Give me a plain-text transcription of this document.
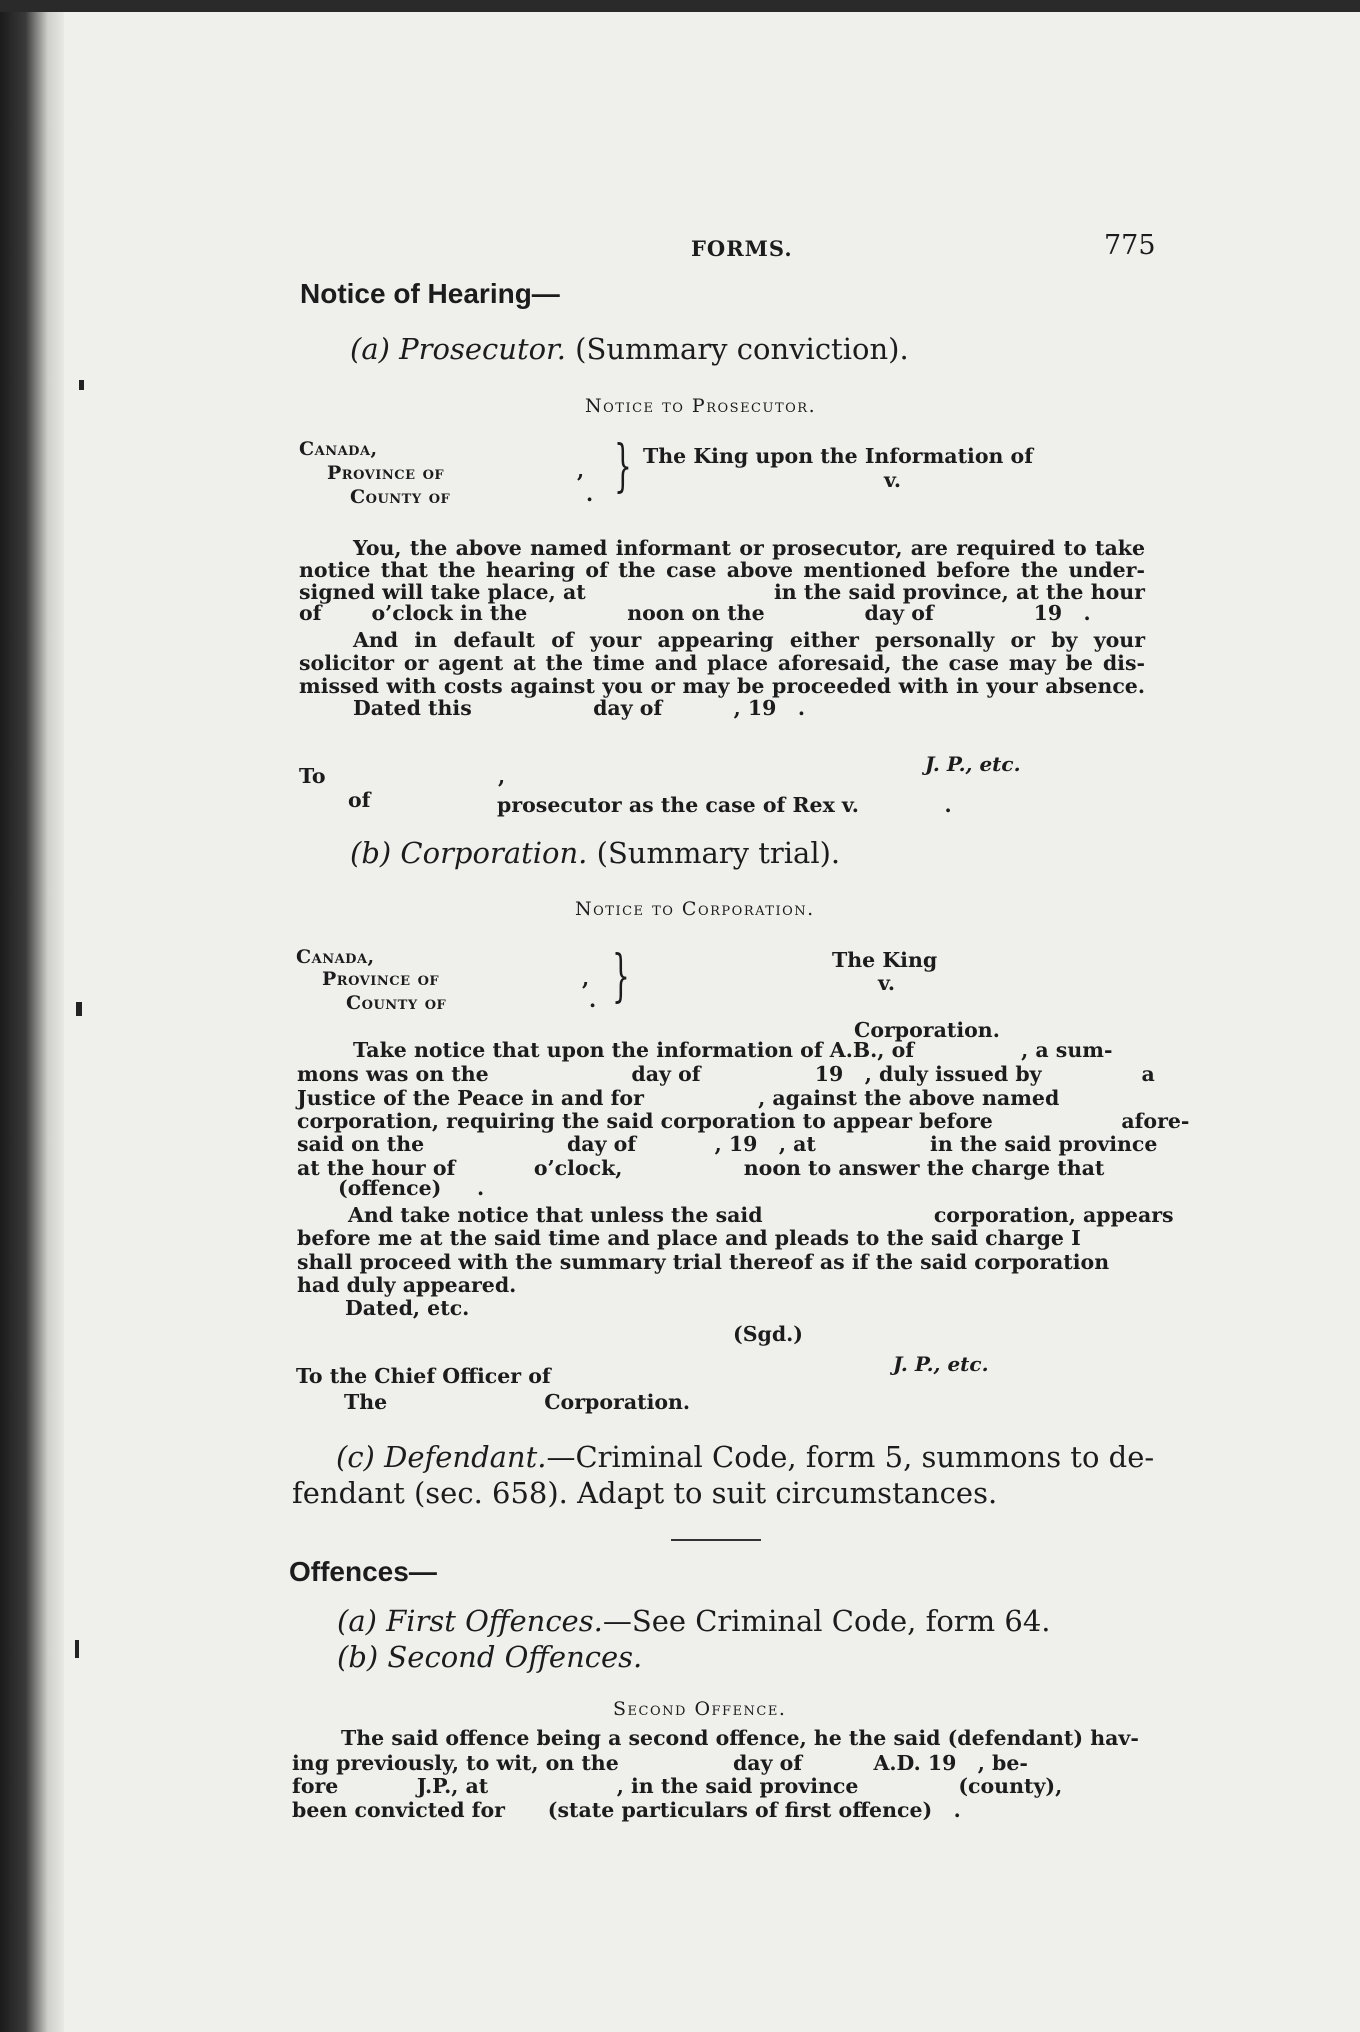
FORMS.	775
Notice of Hearing—
(a) Prosecutor. (Summary conviction).
Notice to Prosecutor.
Canada,
Province of
County of
,
. } The King upon the Information of
v.
You, the above named informant or prosecutor, are required to take
notice that the hearing of the case above mentioned before the under-
signed will take place, at                          in the said province, at the hour
of       o’clock in the              noon on the              day of              19   .
And in default of your appearing either personally or by your
solicitor or agent at the time and place aforesaid, the case may be dis-
missed with costs against you or may be proceeded with in your absence.
Dated this                 day of          , 19   .
J. P., etc.
To	,
of	prosecutor as the case of Rex v.            .
(b) Corporation. (Summary trial).
Notice to Corporation.
Canada,
Province of
County of
,
. }	The King
v.
Corporation.
Take notice that upon the information of A.B., of               , a sum-
mons was on the                    day of                19   , duly issued by              a
Justice of the Peace in and for                , against the above named
corporation, requiring the said corporation to appear before                  afore-
said on the                    day of           , 19   , at                in the said province
at the hour of           o’clock,                 noon to answer the charge that
(offence)     .
And take notice that unless the said                        corporation, appears
before me at the said time and place and pleads to the said charge I
shall proceed with the summary trial thereof as if the said corporation
had duly appeared.
Dated, etc.
(Sgd.)
J. P., etc.
To the Chief Officer of
The                      Corporation.
(c) Defendant.—Criminal Code, form 5, summons to de-
fendant (sec. 658). Adapt to suit circumstances.
Offences—
(a) First Offences.—See Criminal Code, form 64.
(b) Second Offences.
Second Offence.
The said offence being a second offence, he the said (defendant) hav-
ing previously, to wit, on the                day of          A.D. 19   , be-
fore           J.P., at                  , in the said province              (county),
been convicted for      (state particulars of first offence)   .
